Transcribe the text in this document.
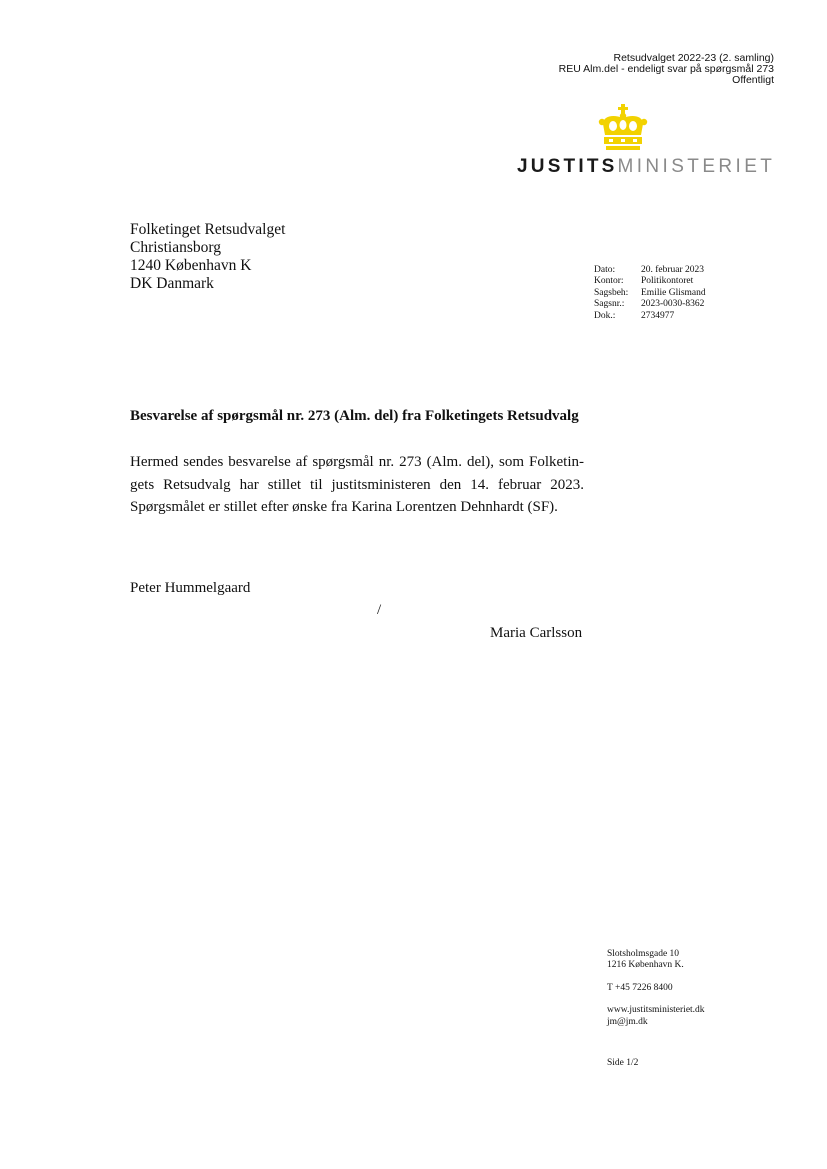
Retsudvalget 2022-23 (2. samling)
REU Alm.del - endeligt svar på spørgsmål 273
Offentligt
JUSTITSMINISTERIET
Folketinget Retsudvalget
Christiansborg
1240 København K
DK Danmark
Dato:	20. februar 2023
Kontor:	Politikontoret
Sagsbeh:	Emilie Glismand
Sagsnr.:	2023-0030-8362
Dok.:	2734977
Besvarelse af spørgsmål nr. 273 (Alm. del) fra Folketingets Retsudvalg
Hermed sendes besvarelse af spørgsmål nr. 273 (Alm. del), som Folketingets Retsudvalg har stillet til justitsministeren den 14. februar 2023. Spørgsmålet er stillet efter ønske fra Karina Lorentzen Dehnhardt (SF).
Peter Hummelgaard
/
Maria Carlsson
Slotsholmsgade 10
1216 København K.
T +45 7226 8400
www.justitsministeriet.dk
jm@jm.dk
Side 1/2
